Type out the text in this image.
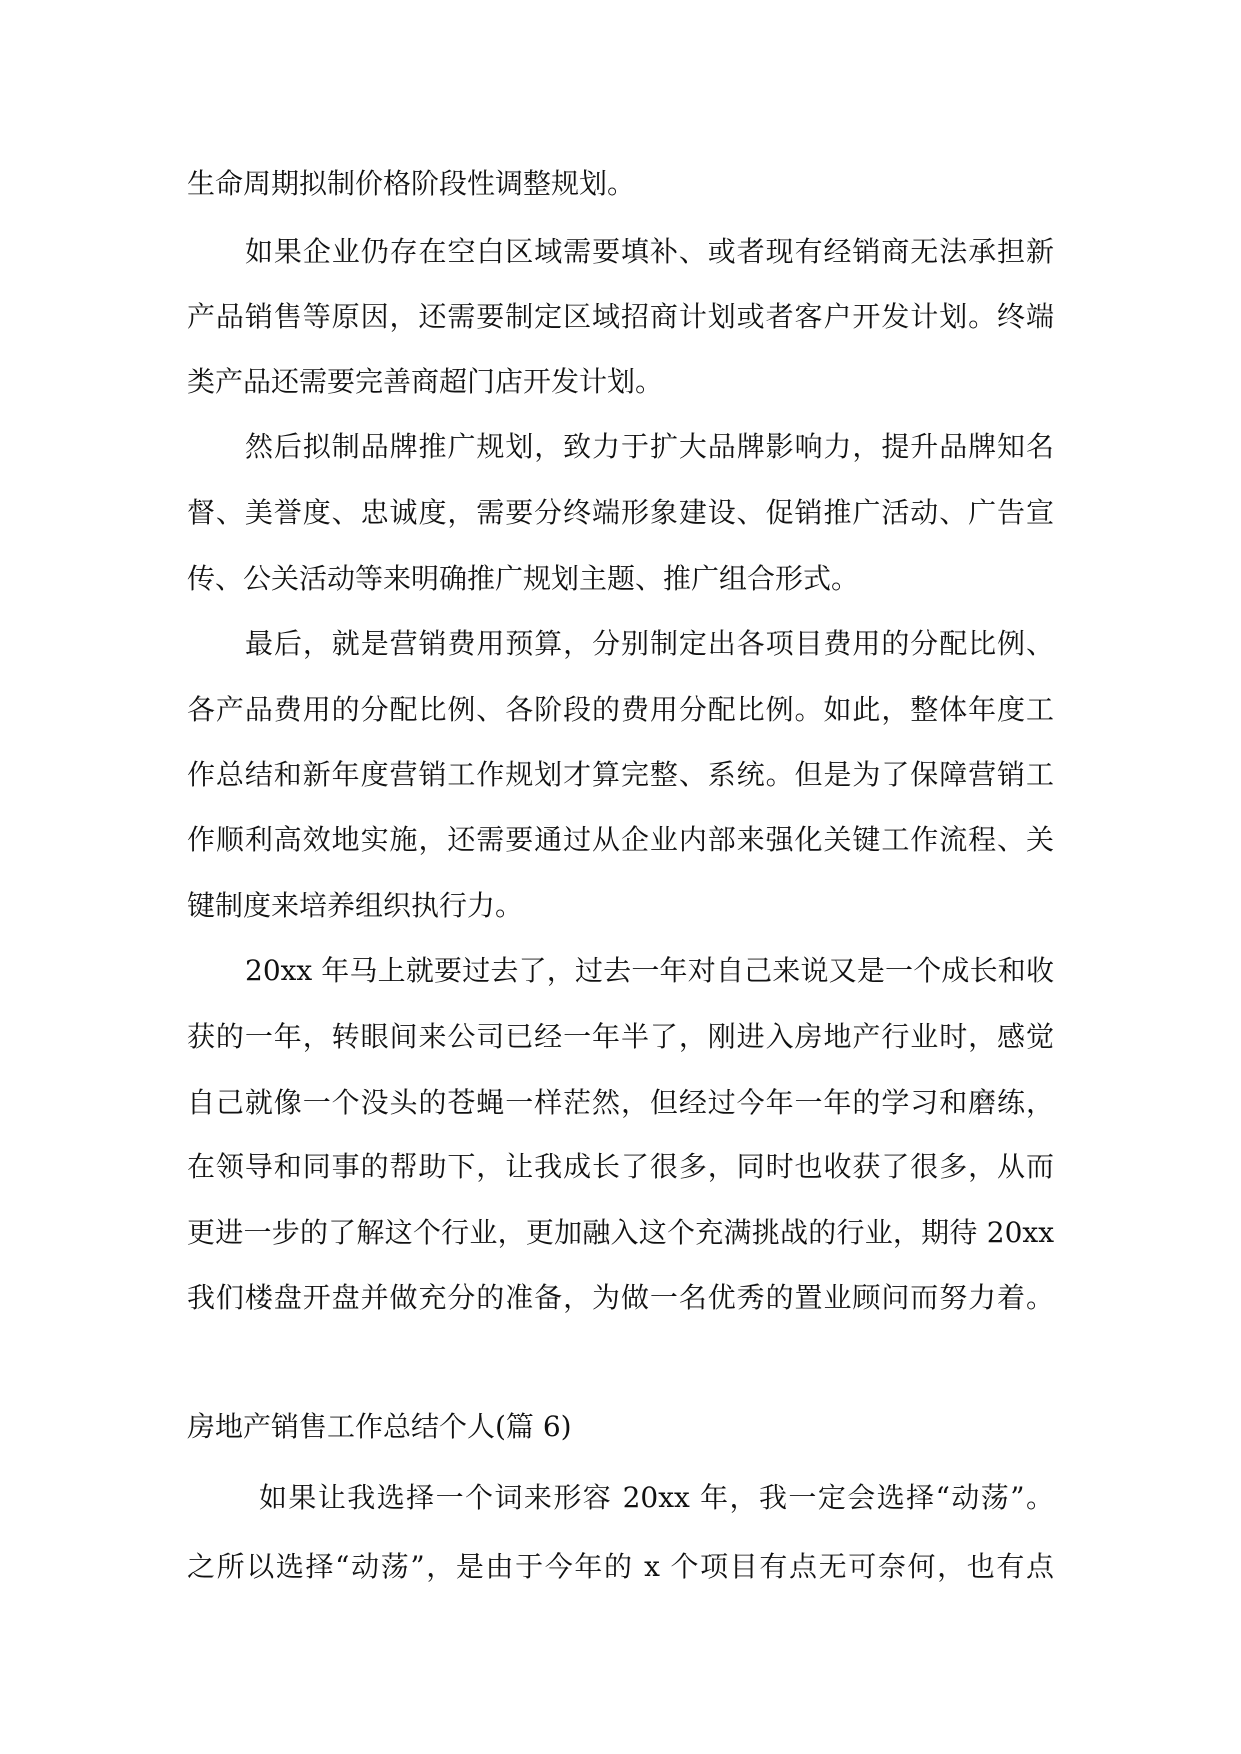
生命周期拟制价格阶段性调整规划。
如果企业仍存在空白区域需要填补、或者现有经销商无法承担新
产品销售等原因，还需要制定区域招商计划或者客户开发计划。终端
类产品还需要完善商超门店开发计划。
然后拟制品牌推广规划，致力于扩大品牌影响力，提升品牌知名
督、美誉度、忠诚度，需要分终端形象建设、促销推广活动、广告宣
传、公关活动等来明确推广规划主题、推广组合形式。
最后，就是营销费用预算，分别制定出各项目费用的分配比例、
各产品费用的分配比例、各阶段的费用分配比例。如此，整体年度工
作总结和新年度营销工作规划才算完整、系统。但是为了保障营销工
作顺利高效地实施，还需要通过从企业内部来强化关键工作流程、关
键制度来培养组织执行力。
20xx 年马上就要过去了，过去一年对自己来说又是一个成长和收
获的一年，转眼间来公司已经一年半了，刚进入房地产行业时，感觉
自己就像一个没头的苍蝇一样茫然，但经过今年一年的学习和磨练，
在领导和同事的帮助下，让我成长了很多，同时也收获了很多，从而
更进一步的了解这个行业，更加融入这个充满挑战的行业，期待 20xx
我们楼盘开盘并做充分的准备，为做一名优秀的置业顾问而努力着。
房地产销售工作总结个人(篇 6)
如果让我选择一个词来形容 20xx 年，我一定会选择“动荡”。
之所以选择“动荡”，是由于今年的 x 个项目有点无可奈何，也有点
